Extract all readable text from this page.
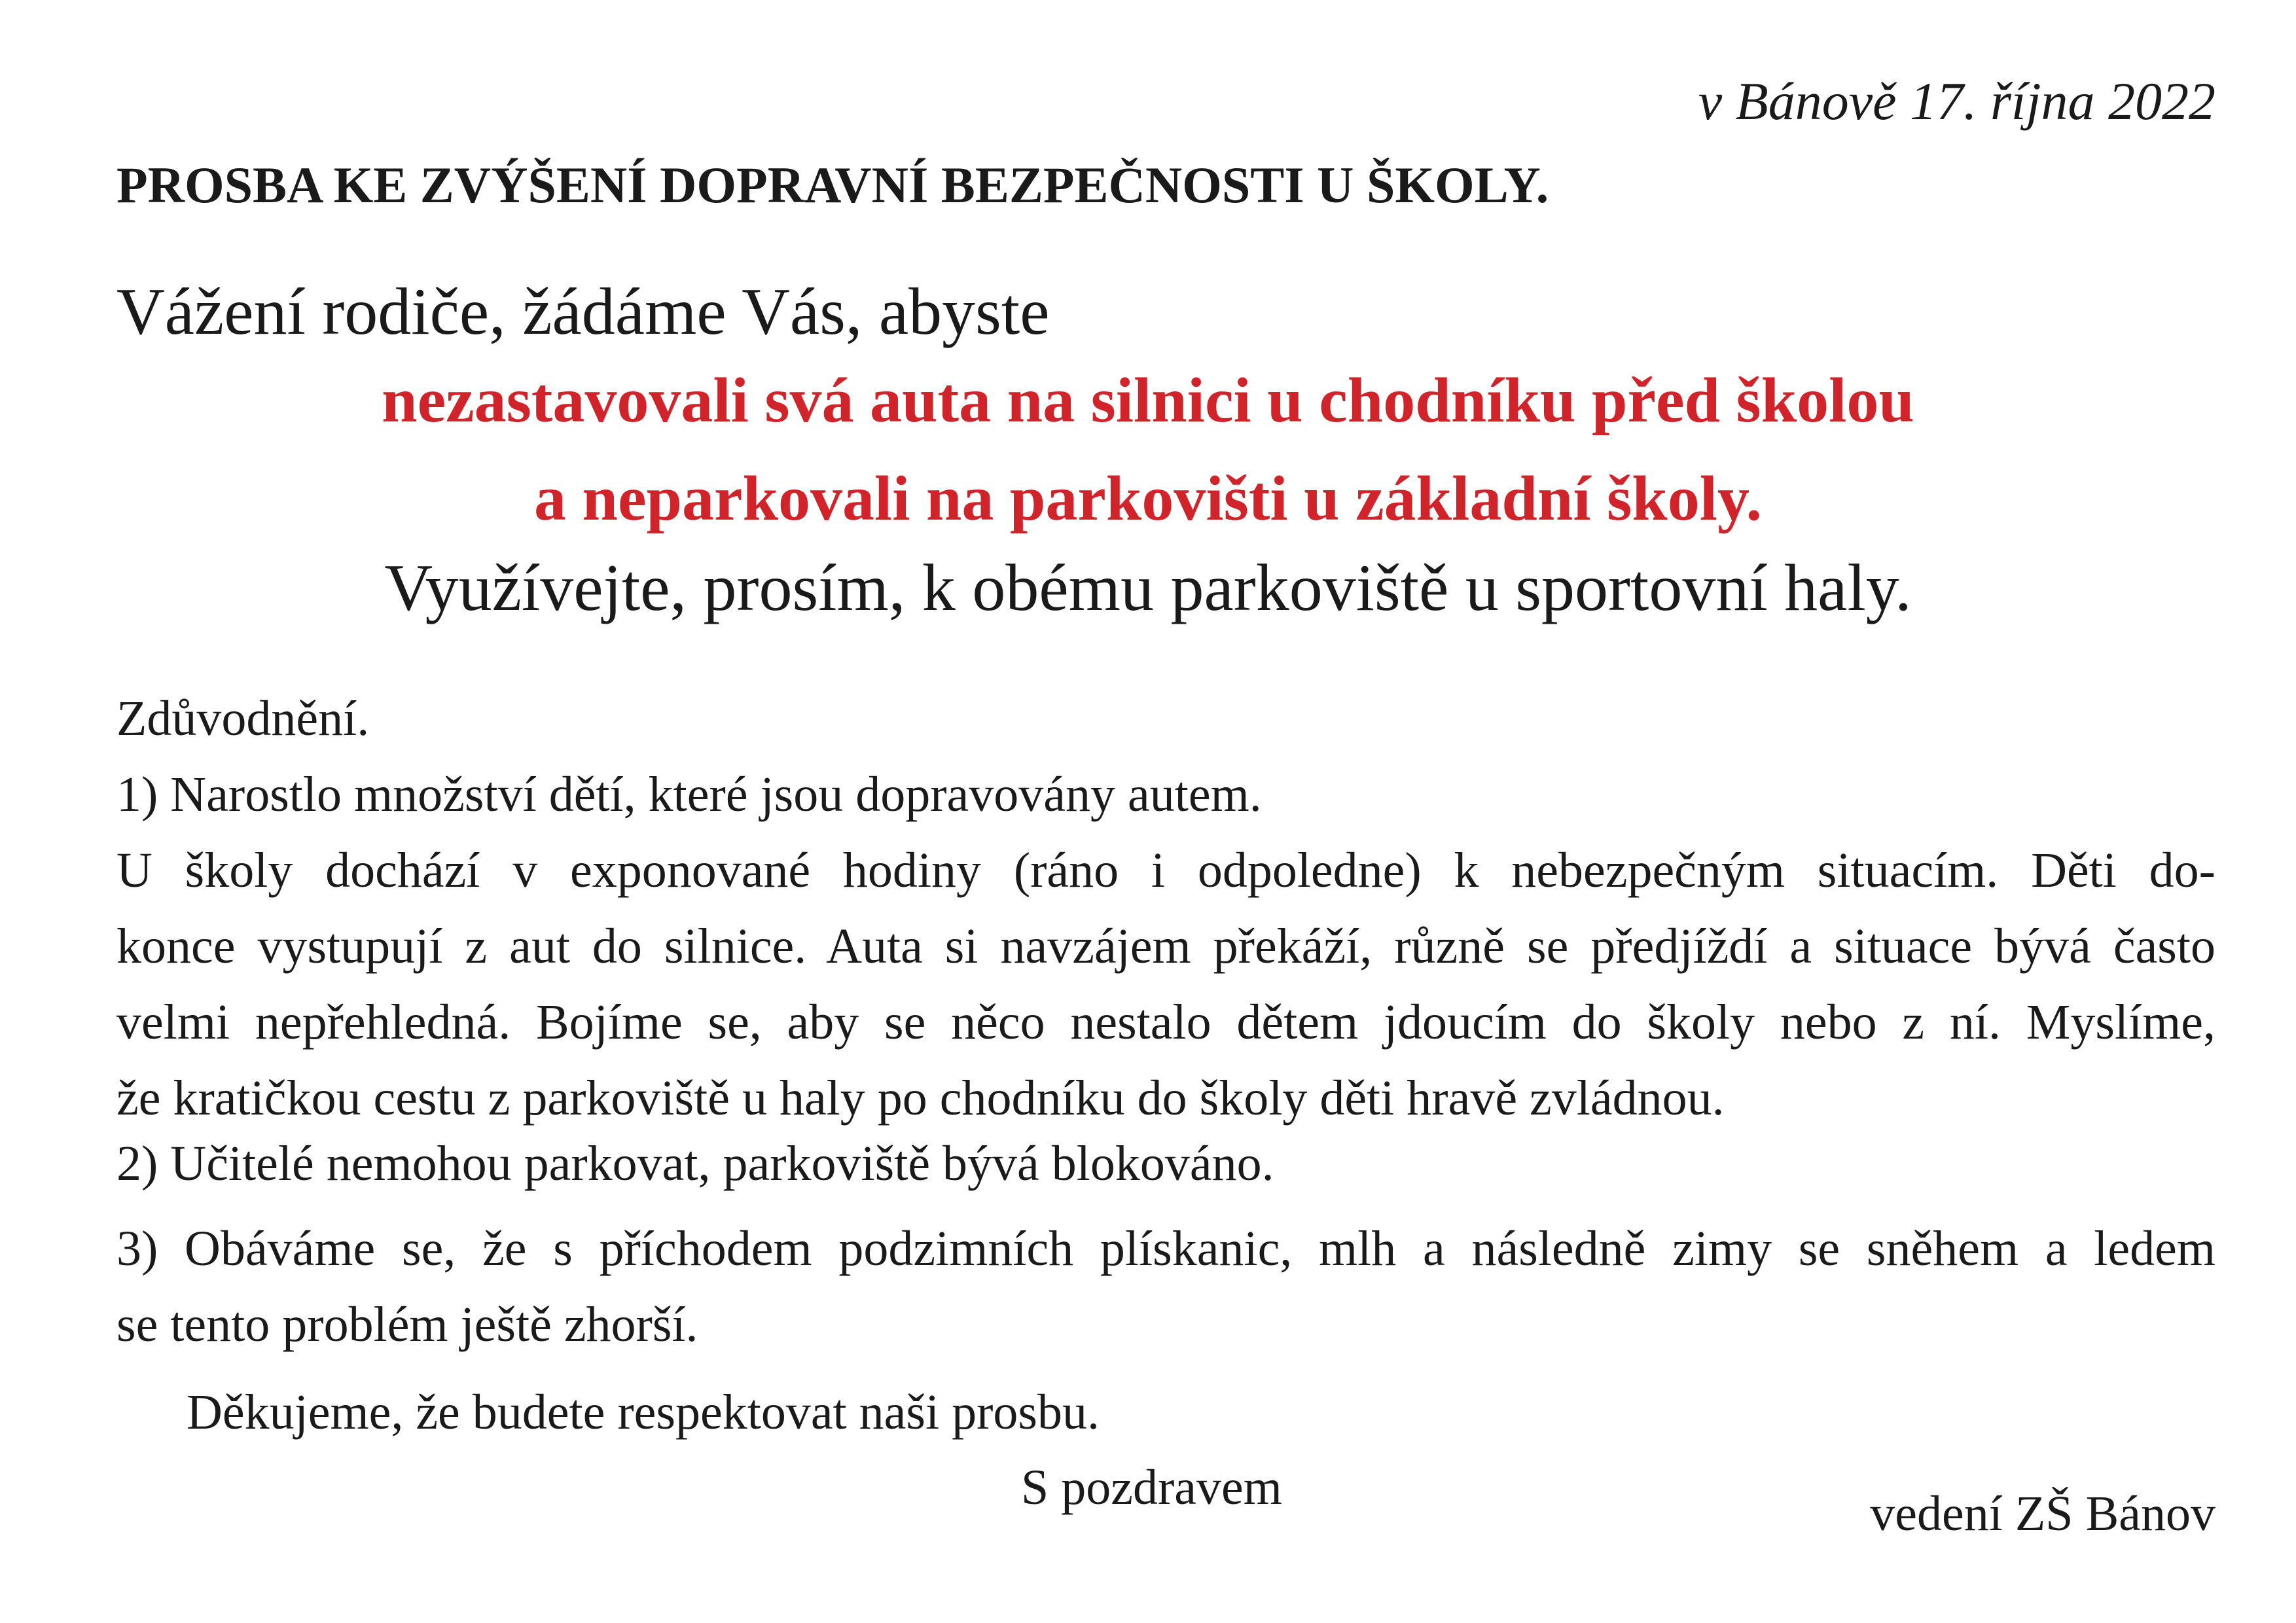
v Bánově 17. října 2022
PROSBA KE ZVÝŠENÍ DOPRAVNÍ BEZPEČNOSTI U ŠKOLY.
Vážení rodiče, žádáme Vás, abyste
nezastavovali svá auta na silnici u chodníku před školou
a neparkovali na parkovišti u základní školy.
Využívejte, prosím, k obému parkoviště u sportovní haly.
Zdůvodnění.
1) Narostlo množství dětí, které jsou dopravovány autem.
U školy dochází v exponované hodiny (ráno i odpoledne) k nebezpečným situacím. Děti do-
konce vystupují z aut do silnice. Auta si navzájem překáží, různě se předjíždí a situace bývá často
velmi nepřehledná. Bojíme se, aby se něco nestalo dětem jdoucím do školy nebo z ní. Myslíme,
že kratičkou cestu z parkoviště u haly po chodníku do školy děti hravě zvládnou.
2) Učitelé nemohou parkovat, parkoviště bývá blokováno.
3) Obáváme se, že s příchodem podzimních plískanic, mlh a následně zimy se sněhem a ledem
se tento problém ještě zhorší.
Děkujeme, že budete respektovat naši prosbu.
S pozdravem	vedení ZŠ Bánov
